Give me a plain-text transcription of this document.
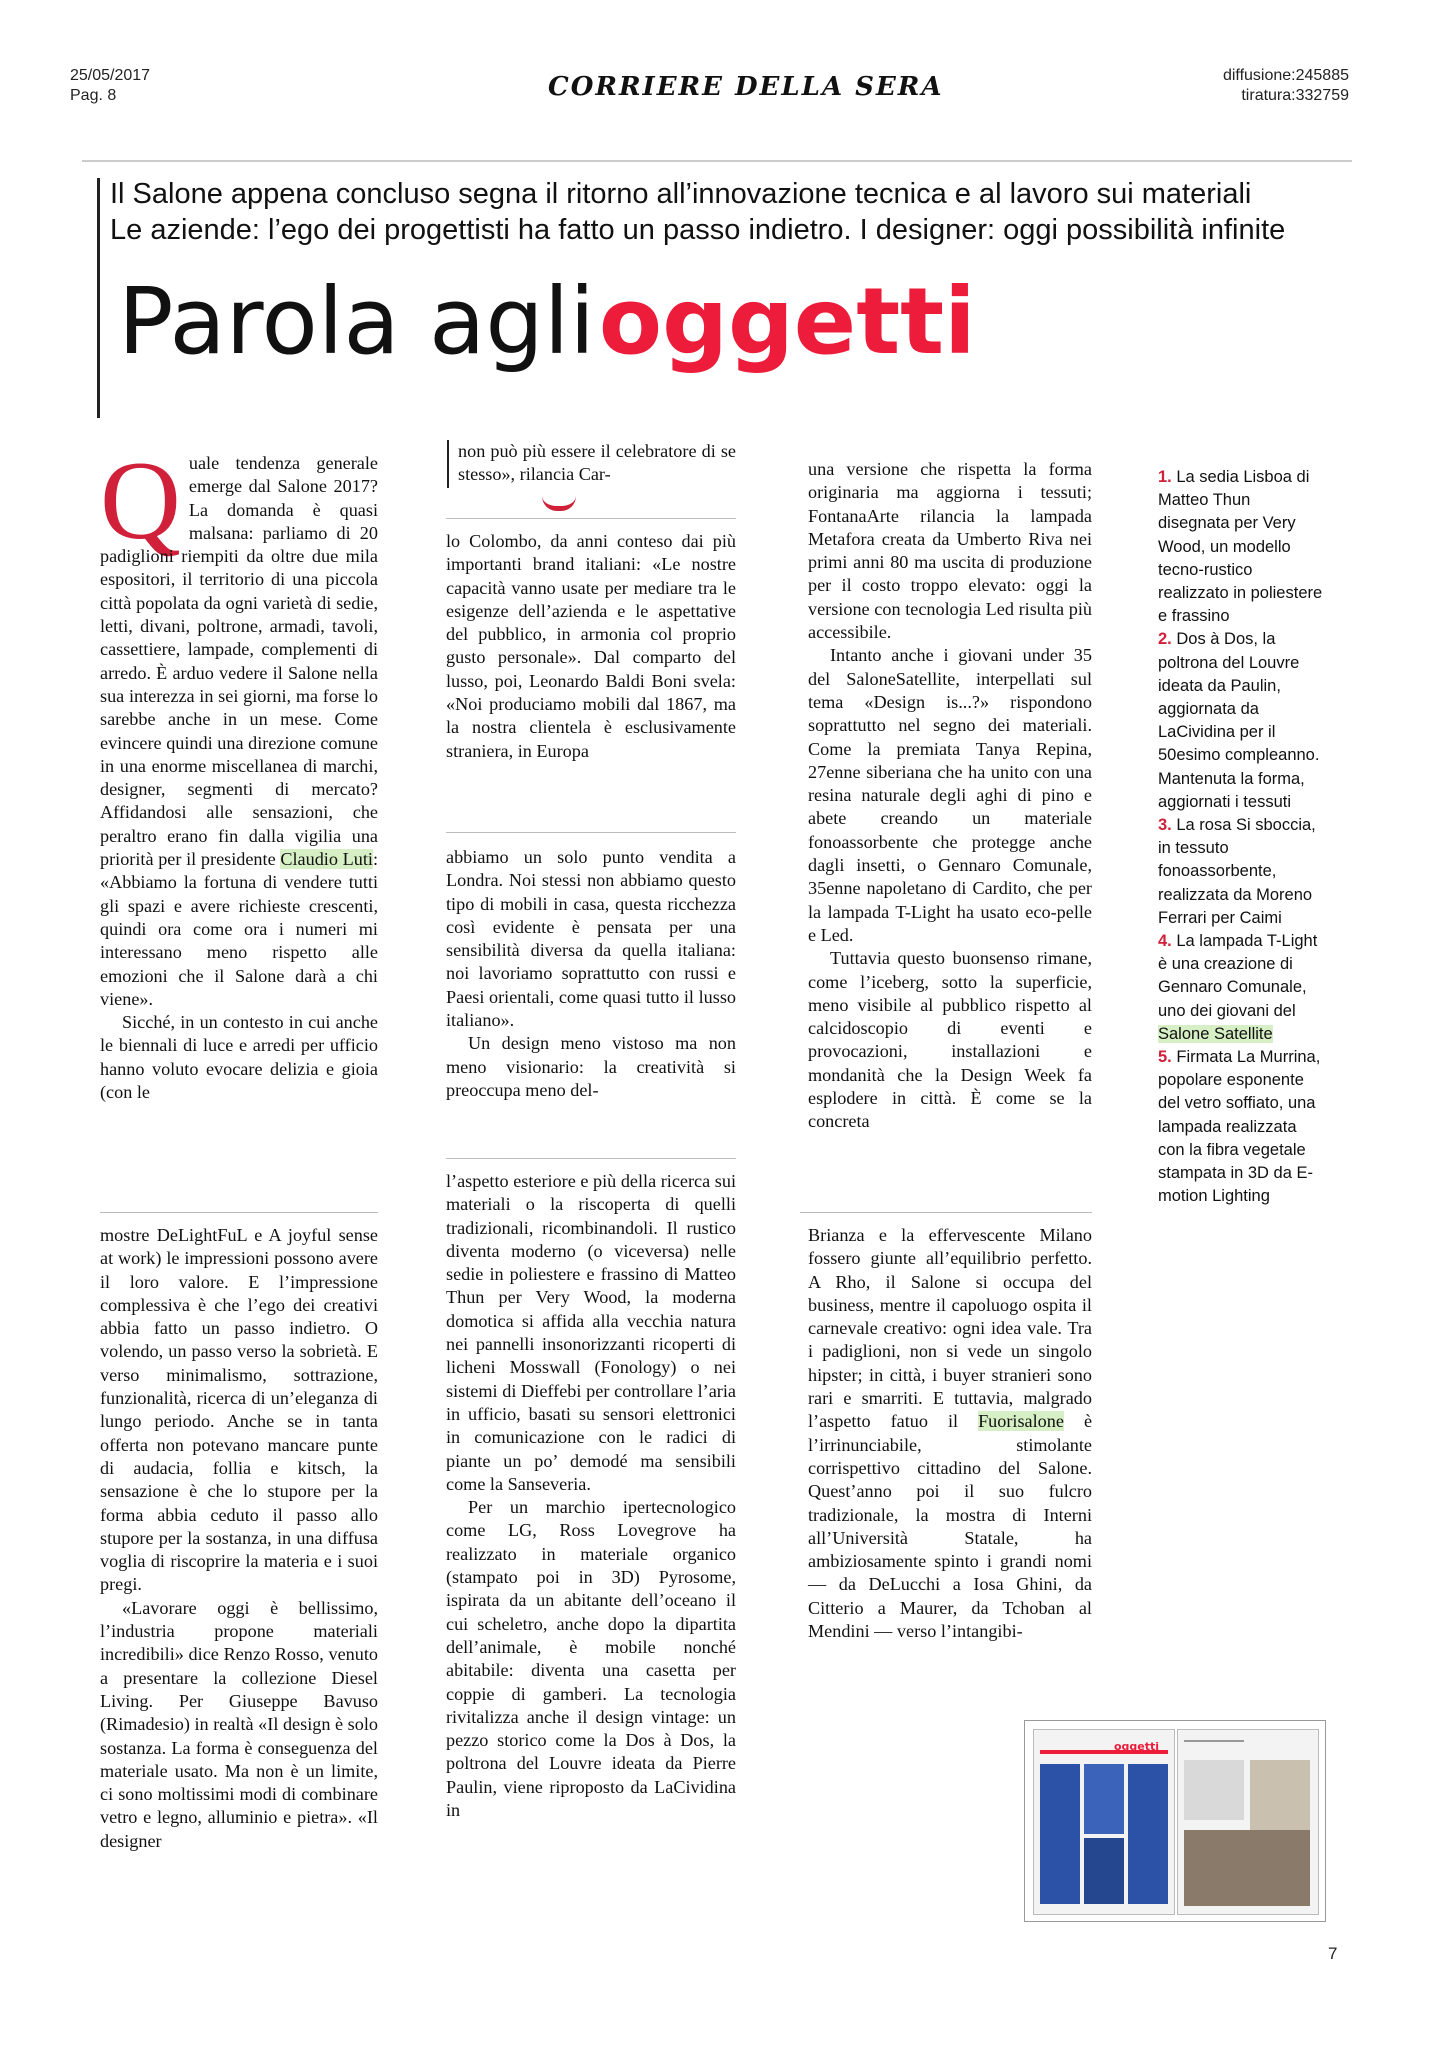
25/05/2017
Pag. 8	CORRIERE DELLA SERA	diffusione:245885
tiratura:332759
Il Salone appena concluso segna il ritorno all’innovazione tecnica e al lavoro sui materiali
Le aziende: l’ego dei progettisti ha fatto un passo indietro. I designer: oggi possibilità infinite
Parola agli oggetti
Q uale tendenza generale emerge dal Salone 2017? La domanda è quasi malsana: parliamo di 20 padiglioni riempiti da oltre due mila espositori, il territorio di una piccola città popolata da ogni varietà di sedie, letti, divani, poltrone, armadi, tavoli, cassettiere, lampade, complementi di arredo. È arduo vedere il Salone nella sua interezza in sei giorni, ma forse lo sarebbe anche in un mese. Come evincere quindi una direzione comune in una enorme miscellanea di marchi, designer, segmenti di mercato? Affidandosi alle sensazioni, che peraltro erano fin dalla vigilia una priorità per il presidente Claudio Luti: «Abbiamo la fortuna di vendere tutti gli spazi e avere richieste crescenti, quindi ora come ora i numeri mi interessano meno rispetto alle emozioni che il Salone darà a chi viene».

Sicché, in un contesto in cui anche le biennali di luce e arredi per ufficio hanno voluto evocare delizia e gioia (con le

mostre DeLightFuL e A joyful sense at work) le impressioni possono avere il loro valore. E l’impressione complessiva è che l’ego dei creativi abbia fatto un passo indietro. O volendo, un passo verso la sobrietà. E verso minimalismo, sottrazione, funzionalità, ricerca di un’eleganza di lungo periodo. Anche se in tanta offerta non potevano mancare punte di audacia, follia e kitsch, la sensazione è che lo stupore per la forma abbia ceduto il passo allo stupore per la sostanza, in una diffusa voglia di riscoprire la materia e i suoi pregi.

«Lavorare oggi è bellissimo, l’industria propone materiali incredibili» dice Renzo Rosso, venuto a presentare la collezione Diesel Living. Per Giuseppe Bavuso (Rimadesio) in realtà «Il design è solo sostanza. La forma è conseguenza del materiale usato. Ma non è un limite, ci sono moltissimi modi di combinare vetro e legno, alluminio e pietra». «Il designer

non può più essere il celebratore di se stesso», rilancia Car-

lo Colombo, da anni conteso dai più importanti brand italiani: «Le nostre capacità vanno usate per mediare tra le esigenze dell’azienda e le aspettative del pubblico, in armonia col proprio gusto personale». Dal comparto del lusso, poi, Leonardo Baldi Boni svela: «Noi produciamo mobili dal 1867, ma la nostra clientela è esclusivamente straniera, in Europa

abbiamo un solo punto vendita a Londra. Noi stessi non abbiamo questo tipo di mobili in casa, questa ricchezza così evidente è pensata per una sensibilità diversa da quella italiana: noi lavoriamo soprattutto con russi e Paesi orientali, come quasi tutto il lusso italiano».

Un design meno vistoso ma non meno visionario: la creatività si preoccupa meno del-

l’aspetto esteriore e più della ricerca sui materiali o la riscoperta di quelli tradizionali, ricombinandoli. Il rustico diventa moderno (o viceversa) nelle sedie in poliestere e frassino di Matteo Thun per Very Wood, la moderna domotica si affida alla vecchia natura nei pannelli insonorizzanti ricoperti di licheni Mosswall (Fonology) o nei sistemi di Dieffebi per controllare l’aria in ufficio, basati su sensori elettronici in comunicazione con le radici di piante un po’ demodé ma sensibili come la Sanseveria.

Per un marchio ipertecnologico come LG, Ross Lovegrove ha realizzato in materiale organico (stampato poi in 3D) Pyrosome, ispirata da un abitante dell’oceano il cui scheletro, anche dopo la dipartita dell’animale, è mobile nonché abitabile: diventa una casetta per coppie di gamberi. La tecnologia rivitalizza anche il design vintage: un pezzo storico come la Dos à Dos, la poltrona del Louvre ideata da Pierre Paulin, viene riproposto da LaCividina in

una versione che rispetta la forma originaria ma aggiorna i tessuti; FontanaArte rilancia la lampada Metafora creata da Umberto Riva nei primi anni 80 ma uscita di produzione per il costo troppo elevato: oggi la versione con tecnologia Led risulta più accessibile.

Intanto anche i giovani under 35 del SaloneSatellite, interpellati sul tema «Design is...?» rispondono soprattutto nel segno dei materiali. Come la premiata Tanya Repina, 27enne siberiana che ha unito con una resina naturale degli aghi di pino e abete creando un materiale fonoassorbente che protegge anche dagli insetti, o Gennaro Comunale, 35enne napoletano di Cardito, che per la lampada T-Light ha usato eco-pelle e Led.

Tuttavia questo buonsenso rimane, come l’iceberg, sotto la superficie, meno visibile al pubblico rispetto al calcidoscopio di eventi e provocazioni, installazioni e mondanità che la Design Week fa esplodere in città. È come se la concreta

Brianza e la effervescente Milano fossero giunte all’equilibrio perfetto. A Rho, il Salone si occupa del business, mentre il capoluogo ospita il carnevale creativo: ogni idea vale. Tra i padiglioni, non si vede un singolo hipster; in città, i buyer stranieri sono rari e smarriti. E tuttavia, malgrado l’aspetto fatuo il Fuorisalone è l’irrinunciabile, stimolante corrispettivo cittadino del Salone. Quest’anno poi il suo fulcro tradizionale, la mostra di Interni all’Università Statale, ha ambiziosamente spinto i grandi nomi — da DeLucchi a Iosa Ghini, da Citterio a Maurer, da Tchoban al Mendini — verso l’intangibi-

1. La sedia Lisboa di Matteo Thun disegnata per Very Wood, un modello tecno-rustico realizzato in poliestere e frassino
2. Dos à Dos, la poltrona del Louvre ideata da Paulin, aggiornata da LaCividina per il 50esimo compleanno. Mantenuta la forma, aggiornati i tessuti
3. La rosa Si sboccia, in tessuto fonoassorbente, realizzata da Moreno Ferrari per Caimi
4. La lampada T-Light è una creazione di Gennaro Comunale, uno dei giovani del Salone Satellite
5. Firmata La Murrina, popolare esponente del vetro soffiato, una lampada realizzata con la fibra vegetale stampata in 3D da E-motion Lighting
oggetti
7
